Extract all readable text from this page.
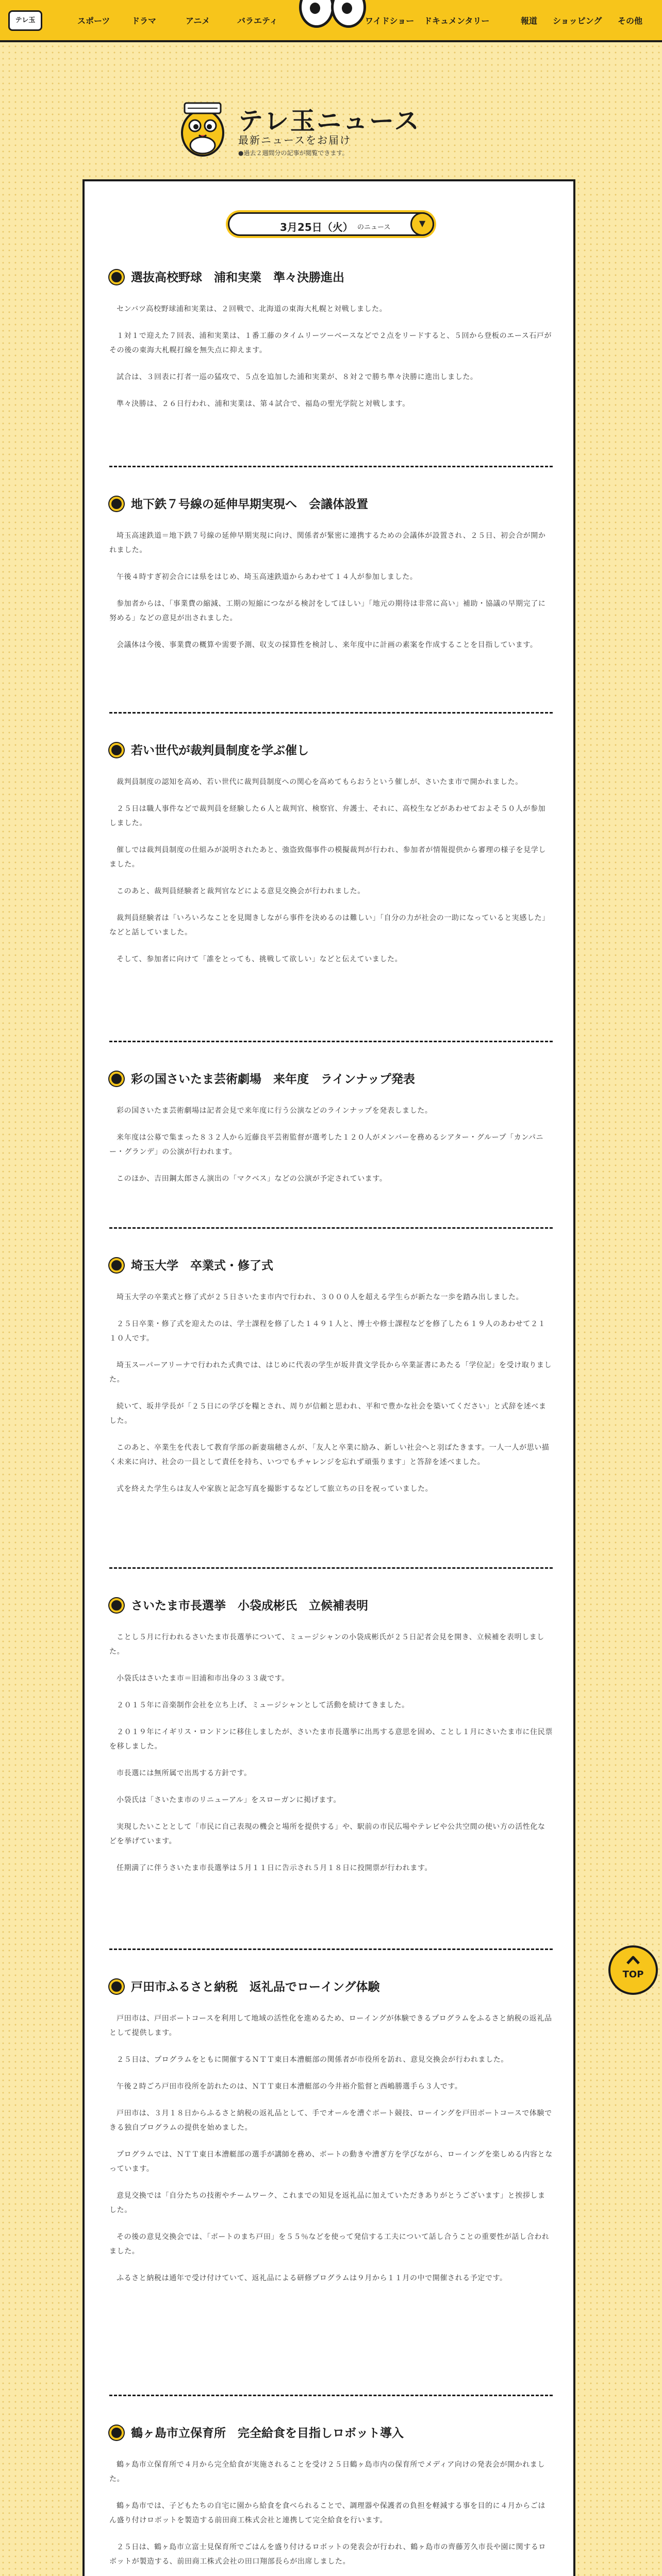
テレ玉	スポーツ	ドラマ	アニメ	バラエティ	ワイドショー ドキュメンタリー	報道 ショッピング その他
テレ玉ニュース
最新ニュースをお届け
●過去２週間分の記事が閲覧できます。
3月25日（火） のニュース	▼
選抜高校野球　浦和実業　準々決勝進出

センバツ高校野球浦和実業は、２回戦で、北海道の東海大札幌と対戦しました。

１対１で迎えた７回表、浦和実業は、１番工藤のタイムリーツーベースなどで２点をリードすると、５回から登板のエース石戸がその後の東海大札幌打線を無失点に抑えます。

試合は、３回表に打者一巡の猛攻で、５点を追加した浦和実業が、８対２で勝ち準々決勝に進出しました。

準々決勝は、２６日行われ、浦和実業は、第４試合で、福島の聖光学院と対戦します。

地下鉄７号線の延伸早期実現へ　会議体設置

埼玉高速鉄道＝地下鉄７号線の延伸早期実現に向け、関係者が緊密に連携するための会議体が設置され、２５日、初会合が開かれました。

午後４時すぎ初会合には県をはじめ、埼玉高速鉄道からあわせて１４人が参加しました。

参加者からは、「事業費の縮減、工期の短縮につながる検討をしてほしい」「地元の期待は非常に高い」補助・協議の早期完了に努める」などの意見が出されました。

会議体は今後、事業費の概算や需要予測、収支の採算性を検討し、来年度中に計画の素案を作成することを目指しています。

若い世代が裁判員制度を学ぶ催し

裁判員制度の認知を高め、若い世代に裁判員制度への関心を高めてもらおうという催しが、さいたま市で開かれました。

２５日は職人事件などで裁判員を経験した６人と裁判官、検察官、弁護士、それに、高校生などがあわせておよそ５０人が参加しました。

催しでは裁判員制度の仕組みが説明されたあと、強盗致傷事件の模擬裁判が行われ、参加者が情報提供から審理の様子を見学しました。

このあと、裁判員経験者と裁判官などによる意見交換会が行われました。

裁判員経験者は「いろいろなことを見聞きしながら事件を決めるのは難しい」「自分の力が社会の一助になっていると実感した」などと話していました。

そして、参加者に向けて「誰をとっても、挑戦して欲しい」などと伝えていました。

彩の国さいたま芸術劇場　来年度　ラインナップ発表

彩の国さいたま芸術劇場は記者会見で来年度に行う公演などのラインナップを発表しました。

来年度は公募で集まった８３２人から近藤良平芸術監督が選考した１２０人がメンバーを務めるシアター・グループ「カンパニー・グランデ」の公演が行われます。

このほか、吉田鋼太郎さん演出の「マクベス」などの公演が予定されています。

埼玉大学　卒業式・修了式

埼玉大学の卒業式と修了式が２５日さいたま市内で行われ、３０００人を超える学生らが新たな一歩を踏み出しました。

２５日卒業・修了式を迎えたのは、学士課程を修了した１４９１人と、博士や修士課程などを修了した６１９人のあわせて２１１０人です。

埼玉スーパーアリーナで行われた式典では、はじめに代表の学生が坂井貴文学長から卒業証書にあたる「学位記」を受け取りました。

続いて、坂井学長が「２５日にの学びを糧とされ、周りが信頼と思われ、平和で豊かな社会を築いてください」と式辞を述べました。

このあと、卒業生を代表して教育学部の新妻瑞穂さんが、「友人と卒業に励み、新しい社会へと羽ばたきます。一人一人が思い描く未来に向け、社会の一員として責任を持ち、いつでもチャレンジを忘れず頑張ります」と答辞を述べました。

式を終えた学生らは友人や家族と記念写真を撮影するなどして旅立ちの日を祝っていました。

さいたま市長選挙　小袋成彬氏　立候補表明

ことし５月に行われるさいたま市長選挙について、ミュージシャンの小袋成彬氏が２５日記者会見を開き、立候補を表明しました。

小袋氏はさいたま市＝旧浦和市出身の３３歳です。

２０１５年に音楽制作会社を立ち上げ、ミュージシャンとして活動を続けてきました。

２０１９年にイギリス・ロンドンに移住しましたが、さいたま市長選挙に出馬する意思を固め、ことし１月にさいたま市に住民票を移しました。

市長選には無所属で出馬する方針です。

小袋氏は「さいたま市のリニューアル」をスローガンに掲げます。

実現したいこととして「市民に自己表現の機会と場所を提供する」や、駅前の市民広場やテレビや公共空間の使い方の活性化などを挙げています。

任期満了に伴うさいたま市長選挙は５月１１日に告示され５月１８日に投開票が行われます。

戸田市ふるさと納税　返礼品でローイング体験

戸田市は、戸田ボートコースを利用して地域の活性化を進めるため、ローイングが体験できるプログラムをふるさと納税の返礼品として提供します。

２５日は、プログラムをともに開催するＮＴＴ東日本漕艇部の関係者が市役所を訪れ、意見交換会が行われました。

午後２時ごろ戸田市役所を訪れたのは、ＮＴＴ東日本漕艇部の今井裕介監督と西嶋勝選手ら３人です。

戸田市は、３月１８日からふるさと納税の返礼品として、手でオールを漕ぐボート競技、ローイングを戸田ボートコースで体験できる独自プログラムの提供を始めました。

プログラムでは、ＮＴＴ東日本漕艇部の選手が講師を務め、ボートの動きや漕ぎ方を学びながら、ローイングを楽しめる内容となっています。

意見交換では「自分たちの技術やチームワーク、これまでの知見を返礼品に加えていただきありがとうございます」と挨拶しました。

その後の意見交換会では、「ボートのまち戸田」を５５％などを使って発信する工夫について話し合うことの重要性が話し合われました。

ふるさと納税は通年で受け付けていて、返礼品による研修プログラムは９月から１１月の中で開催される予定です。

鶴ヶ島市立保育所　完全給食を目指しロボット導入

鶴ヶ島市立保育所で４月から完全給食が実施されることを受け２５日鶴ヶ島市内の保育所でメディア向けの発表会が開かれました。

鶴ヶ島市では、子どもたちの自宅に園から給食を食べられることで、調理器や保護者の負担を軽減する事を目的に４月からごはん盛り付けロボットを製造する前田商工株式会社と連携して完全給食を行います。

２５日は、鶴ヶ島市立富士見保育所でごはんを盛り付けるロボットの発表会が行われ、鶴ヶ島市の齊藤芳久市長や園に関するロボットが製造する、前田商工株式会社の田口翔部長らが出席しました。

TOP
